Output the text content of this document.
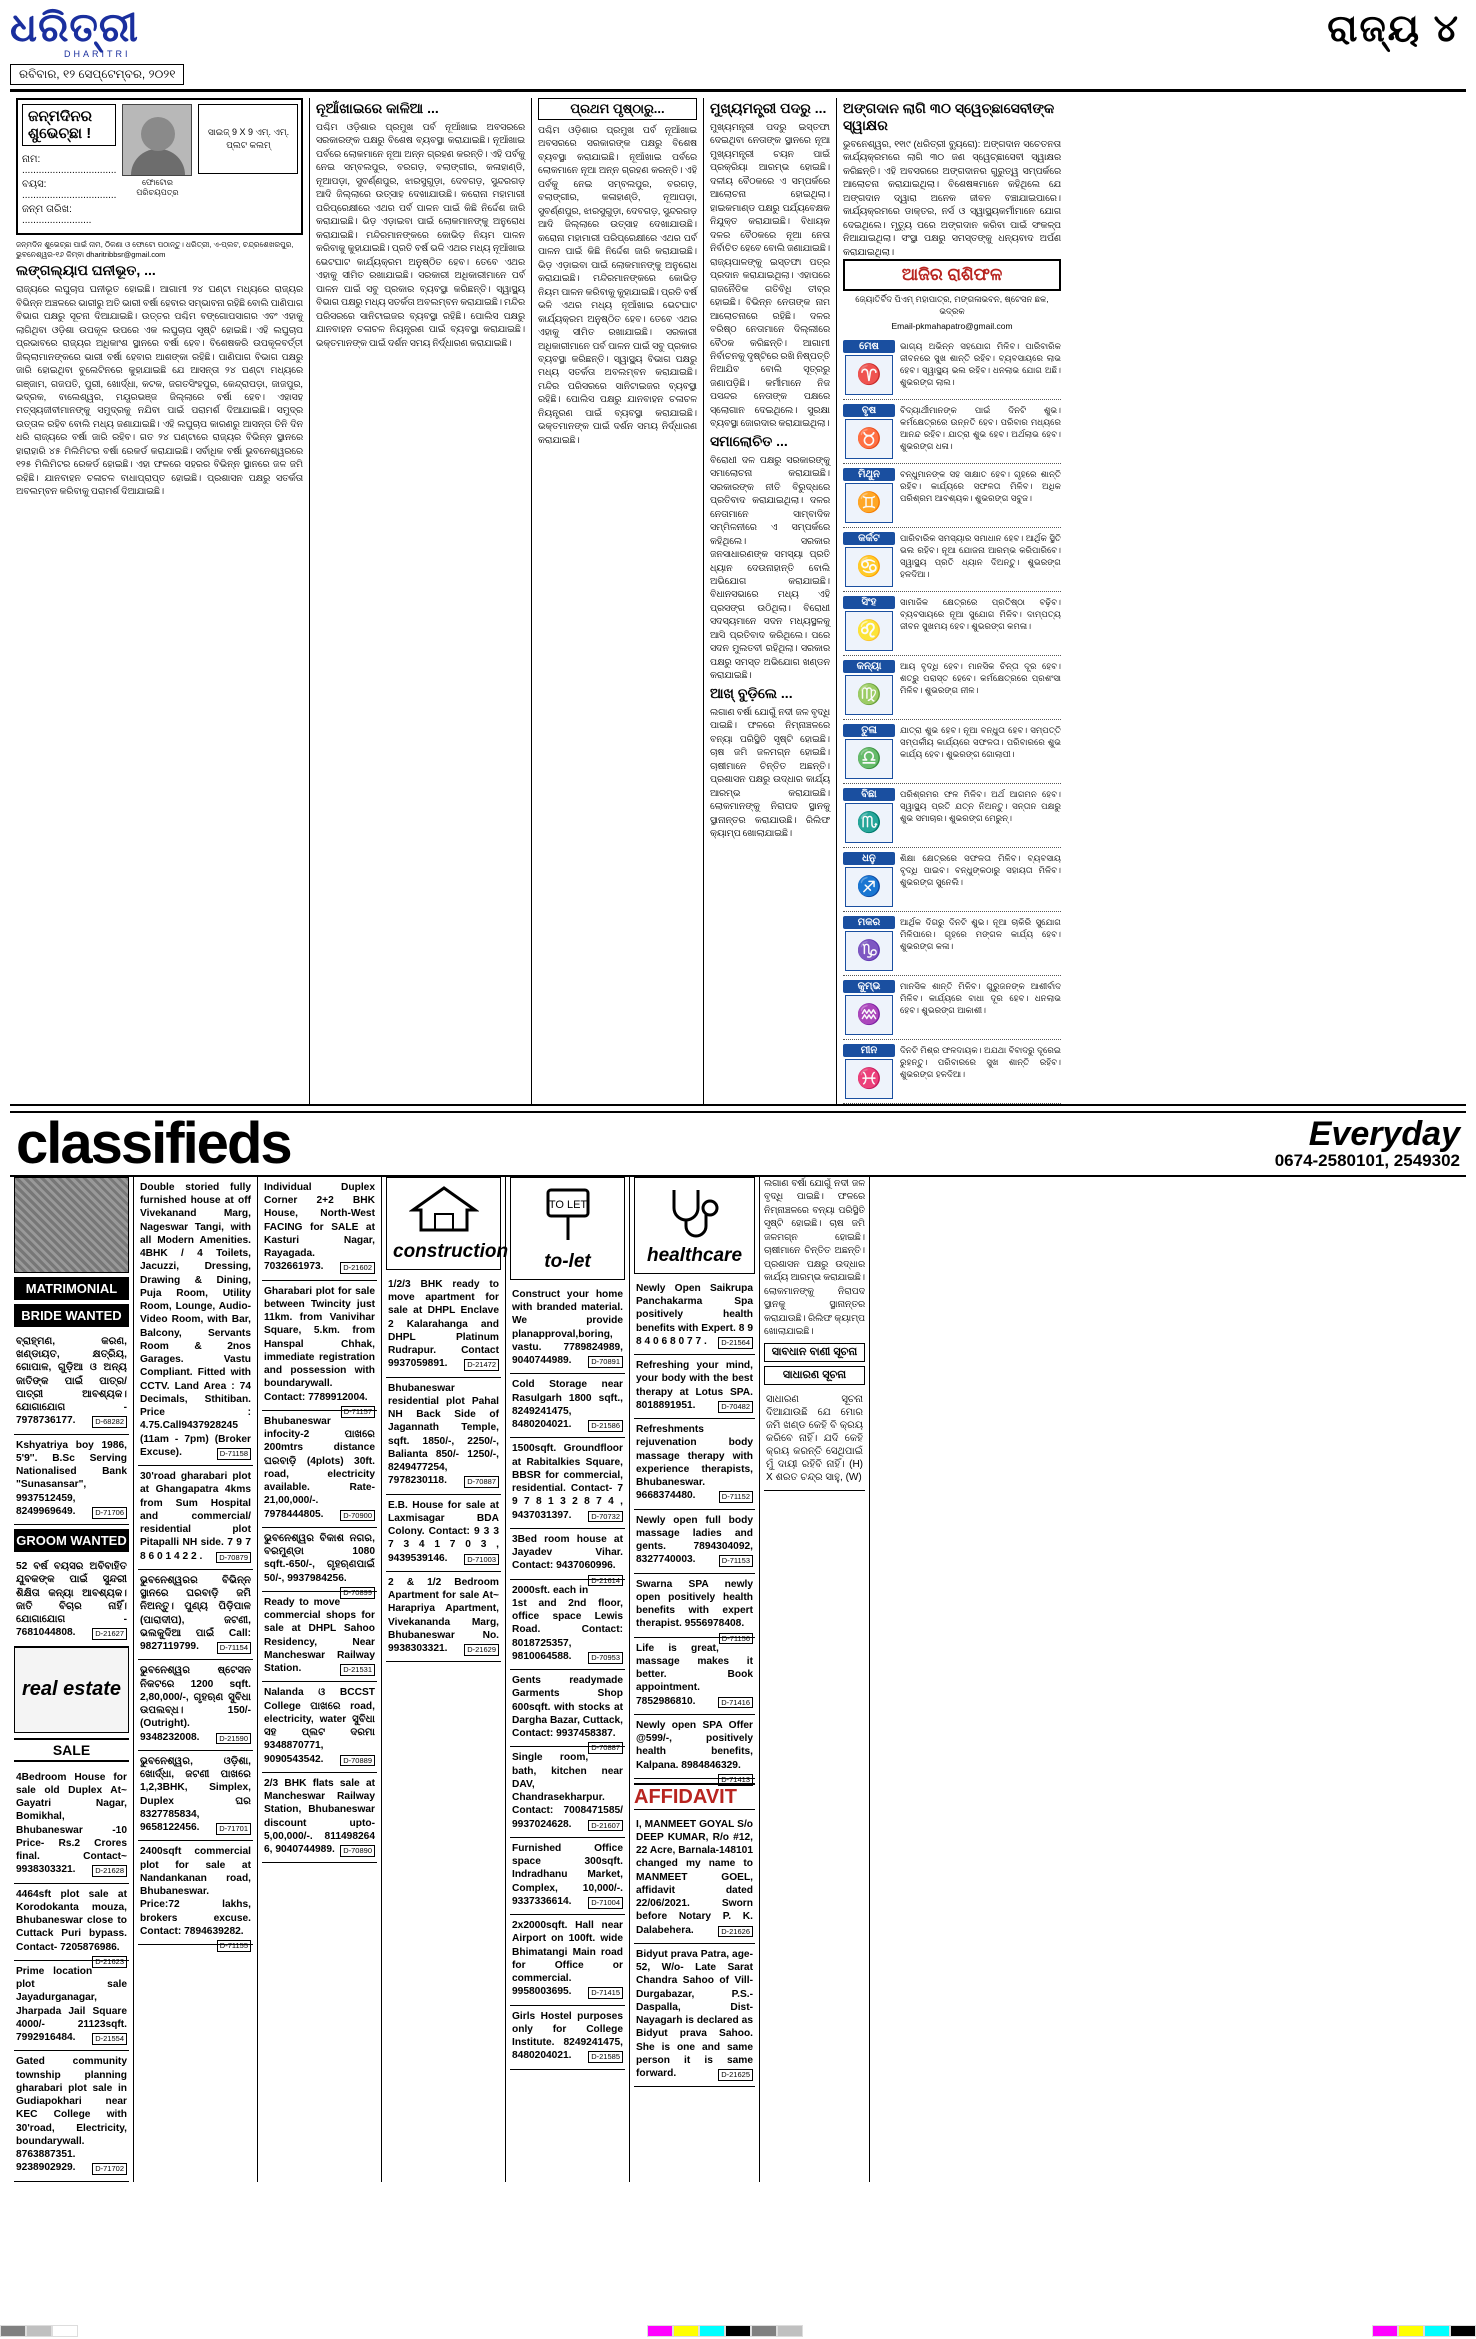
ଧରିତ୍ରୀ
DHARITRI
ରବିବାର, ୧୨ ସେପ୍ଟେମ୍ବର, ୨୦୨୧
ରାଜ୍ୟ ୪
ଜନ୍ମଦିନର ଶୁଭେଚ୍ଛା !
ନାମ: ..................................
ବୟସ: ..................................
ଜନ୍ମ ତାରିଖ: .........................
ଫୋଟୋର ପରିଚୟପତ୍ର
ସାଇଜ୍ 9 X 9 ଏମ୍. ଏମ୍. ପ୍ଲଟ କଲମ୍
ଜନ୍ମଦିନ ଶୁଭେଚ୍ଛା ପାଇଁ ନାମ, ଠିକଣା ଓ ଫୋଟୋ ପଠାନ୍ତୁ। ଧରିତ୍ରୀ, ଏ-ପ୍ଲଟ, ଚନ୍ଦ୍ରଶେଖରପୁର, ଭୁବନେଶ୍ୱର-୧୬ କିମ୍ବା dharitribbsr@gmail.com
ଲଙ୍ଗଲ୍ୟାପ ଘନୀଭୂତ, ...
ରାଜ୍ୟରେ ଲଘୁଚାପ ଘନୀଭୂତ ହୋଇଛି। ଆଗାମୀ ୨୪ ଘଣ୍ଟା ମଧ୍ୟରେ ରାଜ୍ୟର ବିଭିନ୍ନ ଅଞ୍ଚଳରେ ଭାରୀରୁ ଅତି ଭାରୀ ବର୍ଷା ହେବାର ସମ୍ଭାବନା ରହିଛି ବୋଲି ପାଣିପାଗ ବିଭାଗ ପକ୍ଷରୁ ସୂଚନା ଦିଆଯାଇଛି। ଉତ୍ତର ପଶ୍ଚିମ ବଙ୍ଗୋପସାଗର ଏବଂ ଏହାକୁ ଲାଗିଥିବା ଓଡ଼ିଶା ଉପକୂଳ ଉପରେ ଏକ ଲଘୁଚାପ ସୃଷ୍ଟି ହୋଇଛି। ଏହି ଲଘୁଚାପ ପ୍ରଭାବରେ ରାଜ୍ୟର ଅଧିକାଂଶ ସ୍ଥାନରେ ବର୍ଷା ହେବ। ବିଶେଷକରି ଉପକୂଳବର୍ତ୍ତୀ ଜିଲ୍ଲାମାନଙ୍କରେ ଭାରୀ ବର୍ଷା ହେବାର ଆଶଙ୍କା ରହିଛି। ପାଣିପାଗ ବିଭାଗ ପକ୍ଷରୁ ଜାରି ହୋଇଥିବା ବୁଲେଟିନରେ କୁହାଯାଇଛି ଯେ ଆସନ୍ତା ୨୪ ଘଣ୍ଟା ମଧ୍ୟରେ ଗଞ୍ଜାମ, ଗଜପତି, ପୁରୀ, ଖୋର୍ଦ୍ଧା, କଟକ, ଜଗତସିଂହପୁର, କେନ୍ଦ୍ରାପଡ଼ା, ଜାଜପୁର, ଭଦ୍ରକ, ବାଲେଶ୍ୱର, ମୟୂରଭଞ୍ଜ ଜିଲ୍ଲାରେ ବର୍ଷା ହେବ। ଏହାସହ ମତ୍ସ୍ୟଜୀବୀମାନଙ୍କୁ ସମୁଦ୍ରକୁ ନଯିବା ପାଇଁ ପରାମର୍ଶ ଦିଆଯାଇଛି। ସମୁଦ୍ର ଉତ୍ତାଳ ରହିବ ବୋଲି ମଧ୍ୟ ଜଣାଯାଇଛି। ଏହି ଲଘୁଚାପ କାରଣରୁ ଆସନ୍ତା ତିନି ଦିନ ଧରି ରାଜ୍ୟରେ ବର୍ଷା ଜାରି ରହିବ। ଗତ ୨୪ ଘଣ୍ଟାରେ ରାଜ୍ୟର ବିଭିନ୍ନ ସ୍ଥାନରେ ହାରାହାରି ୪୫ ମିଲିମିଟର ବର୍ଷା ରେକର୍ଡ କରାଯାଇଛି। ସର୍ବାଧିକ ବର୍ଷା ଭୁବନେଶ୍ୱରରେ ୧୨୫ ମିଲିମିଟର ରେକର୍ଡ ହୋଇଛି। ଏହା ଫଳରେ ସହରର ବିଭିନ୍ନ ସ୍ଥାନରେ ଜଳ ଜମି ରହିଛି। ଯାନବାହନ ଚଳାଚଳ ବାଧାପ୍ରାପ୍ତ ହୋଇଛି। ପ୍ରଶାସନ ପକ୍ଷରୁ ସତର୍କତା ଅବଲମ୍ବନ କରିବାକୁ ପରାମର୍ଶ ଦିଆଯାଇଛି।
ନୂଆଁଖାଇରେ କାଳିଆ ...
ପଶ୍ଚିମ ଓଡ଼ିଶାର ପ୍ରମୁଖ ପର୍ବ ନୂଆଁଖାଇ ଅବସରରେ ସରକାରଙ୍କ ପକ୍ଷରୁ ବିଶେଷ ବ୍ୟବସ୍ଥା କରାଯାଇଛି। ନୂଆଁଖାଇ ପର୍ବରେ ଲୋକମାନେ ନୂଆ ଅନ୍ନ ଗ୍ରହଣ କରନ୍ତି। ଏହି ପର୍ବକୁ ନେଇ ସମ୍ବଲପୁର, ବରଗଡ଼, ବଲାଙ୍ଗୀର, କଳାହାଣ୍ଡି, ନୂଆପଡ଼ା, ସୁବର୍ଣ୍ଣପୁର, ଝାରସୁଗୁଡ଼ା, ଦେବଗଡ଼, ସୁନ୍ଦରଗଡ଼ ଆଦି ଜିଲ୍ଲାରେ ଉତ୍ସାହ ଦେଖାଯାଉଛି। କରୋନା ମହାମାରୀ ପରିପ୍ରେକ୍ଷୀରେ ଏଥର ପର୍ବ ପାଳନ ପାଇଁ କିଛି ନିର୍ଦ୍ଦେଶ ଜାରି କରାଯାଇଛି। ଭିଡ଼ ଏଡ଼ାଇବା ପାଇଁ ଲୋକମାନଙ୍କୁ ଅନୁରୋଧ କରାଯାଇଛି। ମନ୍ଦିରମାନଙ୍କରେ କୋଭିଡ଼ ନିୟମ ପାଳନ କରିବାକୁ କୁହାଯାଇଛି। ପ୍ରତି ବର୍ଷ ଭଳି ଏଥର ମଧ୍ୟ ନୂଆଁଖାଇ ଭେଟଘାଟ କାର୍ଯ୍ୟକ୍ରମ ଅନୁଷ୍ଠିତ ହେବ। ତେବେ ଏଥର ଏହାକୁ ସୀମିତ ରଖାଯାଇଛି। ସରକାରୀ ଅଧିକାରୀମାନେ ପର୍ବ ପାଳନ ପାଇଁ ସବୁ ପ୍ରକାର ବ୍ୟବସ୍ଥା କରିଛନ୍ତି। ସ୍ୱାସ୍ଥ୍ୟ ବିଭାଗ ପକ୍ଷରୁ ମଧ୍ୟ ସତର୍କତା ଅବଲମ୍ବନ କରାଯାଇଛି। ମନ୍ଦିର ପରିସରରେ ସାନିଟାଇଜର ବ୍ୟବସ୍ଥା ରହିଛି। ପୋଲିସ ପକ୍ଷରୁ ଯାନବାହନ ଚଳାଚଳ ନିୟନ୍ତ୍ରଣ ପାଇଁ ବ୍ୟବସ୍ଥା କରାଯାଇଛି। ଭକ୍ତମାନଙ୍କ ପାଇଁ ଦର୍ଶନ ସମୟ ନିର୍ଦ୍ଧାରଣ କରାଯାଇଛି।
ପ୍ରଥମ ପୃଷ୍ଠାରୁ...
ପଶ୍ଚିମ ଓଡ଼ିଶାର ପ୍ରମୁଖ ପର୍ବ ନୂଆଁଖାଇ ଅବସରରେ ସରକାରଙ୍କ ପକ୍ଷରୁ ବିଶେଷ ବ୍ୟବସ୍ଥା କରାଯାଇଛି। ନୂଆଁଖାଇ ପର୍ବରେ ଲୋକମାନେ ନୂଆ ଅନ୍ନ ଗ୍ରହଣ କରନ୍ତି। ଏହି ପର୍ବକୁ ନେଇ ସମ୍ବଲପୁର, ବରଗଡ଼, ବଲାଙ୍ଗୀର, କଳାହାଣ୍ଡି, ନୂଆପଡ଼ା, ସୁବର୍ଣ୍ଣପୁର, ଝାରସୁଗୁଡ଼ା, ଦେବଗଡ଼, ସୁନ୍ଦରଗଡ଼ ଆଦି ଜିଲ୍ଲାରେ ଉତ୍ସାହ ଦେଖାଯାଉଛି। କରୋନା ମହାମାରୀ ପରିପ୍ରେକ୍ଷୀରେ ଏଥର ପର୍ବ ପାଳନ ପାଇଁ କିଛି ନିର୍ଦ୍ଦେଶ ଜାରି କରାଯାଇଛି। ଭିଡ଼ ଏଡ଼ାଇବା ପାଇଁ ଲୋକମାନଙ୍କୁ ଅନୁରୋଧ କରାଯାଇଛି। ମନ୍ଦିରମାନଙ୍କରେ କୋଭିଡ଼ ନିୟମ ପାଳନ କରିବାକୁ କୁହାଯାଇଛି। ପ୍ରତି ବର୍ଷ ଭଳି ଏଥର ମଧ୍ୟ ନୂଆଁଖାଇ ଭେଟଘାଟ କାର୍ଯ୍ୟକ୍ରମ ଅନୁଷ୍ଠିତ ହେବ। ତେବେ ଏଥର ଏହାକୁ ସୀମିତ ରଖାଯାଇଛି। ସରକାରୀ ଅଧିକାରୀମାନେ ପର୍ବ ପାଳନ ପାଇଁ ସବୁ ପ୍ରକାର ବ୍ୟବସ୍ଥା କରିଛନ୍ତି। ସ୍ୱାସ୍ଥ୍ୟ ବିଭାଗ ପକ୍ଷରୁ ମଧ୍ୟ ସତର୍କତା ଅବଲମ୍ବନ କରାଯାଇଛି। ମନ୍ଦିର ପରିସରରେ ସାନିଟାଇଜର ବ୍ୟବସ୍ଥା ରହିଛି। ପୋଲିସ ପକ୍ଷରୁ ଯାନବାହନ ଚଳାଚଳ ନିୟନ୍ତ୍ରଣ ପାଇଁ ବ୍ୟବସ୍ଥା କରାଯାଇଛି। ଭକ୍ତମାନଙ୍କ ପାଇଁ ଦର୍ଶନ ସମୟ ନିର୍ଦ୍ଧାରଣ କରାଯାଇଛି।
ମୁଖ୍ୟମନ୍ତ୍ରୀ ପଦରୁ ...
ମୁଖ୍ୟମନ୍ତ୍ରୀ ପଦରୁ ଇସ୍ତଫା ଦେଇଥିବା ନେତାଙ୍କ ସ୍ଥାନରେ ନୂଆ ମୁଖ୍ୟମନ୍ତ୍ରୀ ଚୟନ ପାଇଁ ପ୍ରକ୍ରିୟା ଆରମ୍ଭ ହୋଇଛି। ଦଳୀୟ ବୈଠକରେ ଏ ସମ୍ପର୍କରେ ଆଲୋଚନା ହୋଇଥିଲା। ହାଇକମାଣ୍ଡ ପକ୍ଷରୁ ପର୍ଯ୍ୟବେକ୍ଷକ ନିଯୁକ୍ତ କରାଯାଇଛି। ବିଧାୟକ ଦଳର ବୈଠକରେ ନୂଆ ନେତା ନିର୍ବାଚିତ ହେବେ ବୋଲି ଜଣାଯାଇଛି। ରାଜ୍ୟପାଳଙ୍କୁ ଇସ୍ତଫା ପତ୍ର ପ୍ରଦାନ କରାଯାଇଥିଲା। ଏହାପରେ ରାଜନୈତିକ ଗତିବିଧି ତୀବ୍ର ହୋଇଛି। ବିଭିନ୍ନ ନେତାଙ୍କ ନାମ ଆଲୋଚନାରେ ରହିଛି। ଦଳର ବରିଷ୍ଠ ନେତାମାନେ ଦିଲ୍ଲୀରେ ବୈଠକ କରିଛନ୍ତି। ଆଗାମୀ ନିର୍ବାଚନକୁ ଦୃଷ୍ଟିରେ ରଖି ନିଷ୍ପତ୍ତି ନିଆଯିବ ବୋଲି ସୂତ୍ରରୁ ଜଣାପଡ଼ିଛି। କର୍ମୀମାନେ ନିଜ ପସନ୍ଦର ନେତାଙ୍କ ପକ୍ଷରେ ସ୍ଲୋଗାନ ଦେଇଥିଲେ। ସୁରକ୍ଷା ବ୍ୟବସ୍ଥା ଜୋରଦାର କରାଯାଇଥିଲା।
ସମାଲୋଚିତ ...
ବିରୋଧୀ ଦଳ ପକ୍ଷରୁ ସରକାରଙ୍କୁ ସମାଲୋଚନା କରାଯାଇଛି। ସରକାରଙ୍କ ନୀତି ବିରୁଦ୍ଧରେ ପ୍ରତିବାଦ କରାଯାଇଥିଲା। ଦଳର ନେତାମାନେ ସାମ୍ବାଦିକ ସମ୍ମିଳନୀରେ ଏ ସମ୍ପର୍କରେ କହିଥିଲେ। ସରକାର ଜନସାଧାରଣଙ୍କ ସମସ୍ୟା ପ୍ରତି ଧ୍ୟାନ ଦେଉନାହାନ୍ତି ବୋଲି ଅଭିଯୋଗ କରାଯାଇଛି। ବିଧାନସଭାରେ ମଧ୍ୟ ଏହି ପ୍ରସଙ୍ଗ ଉଠିଥିଲା। ବିରୋଧୀ ସଦସ୍ୟମାନେ ସଦନ ମଧ୍ୟସ୍ଥଳକୁ ଆସି ପ୍ରତିବାଦ କରିଥିଲେ। ପରେ ସଦନ ମୁଲତବୀ ରହିଥିଲା। ସରକାର ପକ୍ଷରୁ ସମସ୍ତ ଅଭିଯୋଗ ଖଣ୍ଡନ କରାଯାଇଛି।
ଆଖ୍ ବୁଡ଼ିଲେ ...
ଲଗାଣ ବର୍ଷା ଯୋଗୁଁ ନଦୀ ଜଳ ବୃଦ୍ଧି ପାଇଛି। ଫଳରେ ନିମ୍ନାଞ୍ଚଳରେ ବନ୍ୟା ପରିସ୍ଥିତି ସୃଷ୍ଟି ହୋଇଛି। ଚାଷ ଜମି ଜଳମଗ୍ନ ହୋଇଛି। ଚାଷୀମାନେ ଚିନ୍ତିତ ଅଛନ୍ତି। ପ୍ରଶାସନ ପକ୍ଷରୁ ଉଦ୍ଧାର କାର୍ଯ୍ୟ ଆରମ୍ଭ କରାଯାଇଛି। ଲୋକମାନଙ୍କୁ ନିରାପଦ ସ୍ଥାନକୁ ସ୍ଥାନାନ୍ତର କରାଯାଉଛି। ରିଲିଫ କ୍ୟାମ୍ପ ଖୋଲାଯାଇଛି।
ଅଙ୍ଗଦାନ ଲାଗି ୩୦ ସ୍ୱେଚ୍ଛାସେବୀଙ୍କ ସ୍ୱାକ୍ଷର
ଭୁବନେଶ୍ୱର, ୧୧ା୯ (ଧରିତ୍ରୀ ବ୍ୟୁରୋ): ଅଙ୍ଗଦାନ ସଚେତନତା କାର୍ଯ୍ୟକ୍ରମରେ ଲାଗି ୩୦ ଜଣ ସ୍ୱେଚ୍ଛାସେବୀ ସ୍ୱାକ୍ଷର କରିଛନ୍ତି। ଏହି ଅବସରରେ ଅଙ୍ଗଦାନର ଗୁରୁତ୍ୱ ସମ୍ପର୍କରେ ଆଲୋଚନା କରାଯାଇଥିଲା। ବିଶେଷଜ୍ଞମାନେ କହିଥିଲେ ଯେ ଅଙ୍ଗଦାନ ଦ୍ୱାରା ଅନେକ ଜୀବନ ବଞ୍ଚାଯାଇପାରେ। କାର୍ଯ୍ୟକ୍ରମରେ ଡାକ୍ତର, ନର୍ସ ଓ ସ୍ୱାସ୍ଥ୍ୟକର୍ମୀମାନେ ଯୋଗ ଦେଇଥିଲେ। ମୃତ୍ୟୁ ପରେ ଅଙ୍ଗଦାନ କରିବା ପାଇଁ ସଂକଳ୍ପ ନିଆଯାଇଥିଲା। ସଂସ୍ଥା ପକ୍ଷରୁ ସମସ୍ତଙ୍କୁ ଧନ୍ୟବାଦ ଅର୍ପଣ କରାଯାଇଥିଲା।
ଆଜିର ରାଶିଫଳ
ଜ୍ୟୋତିର୍ବିଦ ପିଏମ୍ ମହାପାତ୍ର, ମଙ୍ଗଳାଭବନ, ଷ୍ଟେସନ ଛକ, ଭଦ୍ରକ
Email-pkmahapatro@gmail.com
ମେଷ
♈
ଭାଗ୍ୟ ଅଭିନ୍ନ ସହଯୋଗ ମିଳିବ। ପାରିବାରିକ ଜୀବନରେ ସୁଖ ଶାନ୍ତି ରହିବ। ବ୍ୟବସାୟରେ ଲାଭ ହେବ। ସ୍ୱାସ୍ଥ୍ୟ ଭଲ ରହିବ। ଧନଲାଭ ଯୋଗ ଅଛି। ଶୁଭରଙ୍ଗ ଲାଲ।
ବୃଷ
♉
ବିଦ୍ୟାର୍ଥୀମାନଙ୍କ ପାଇଁ ଦିନଟି ଶୁଭ। କର୍ମକ୍ଷେତ୍ରରେ ଉନ୍ନତି ହେବ। ପରିବାର ମଧ୍ୟରେ ଆନନ୍ଦ ରହିବ। ଯାତ୍ରା ଶୁଭ ହେବ। ଅର୍ଥଲାଭ ହେବ। ଶୁଭରଙ୍ଗ ଧଳା।
ମିଥୁନ
♊
ବନ୍ଧୁମାନଙ୍କ ସହ ସାକ୍ଷାତ ହେବ। ଗୃହରେ ଶାନ୍ତି ରହିବ। କାର୍ଯ୍ୟରେ ସଫଳତା ମିଳିବ। ଅଧିକ ପରିଶ୍ରମ ଆବଶ୍ୟକ। ଶୁଭରଙ୍ଗ ସବୁଜ।
କର୍କଟ
♋
ପାରିବାରିକ ସମସ୍ୟାର ସମାଧାନ ହେବ। ଆର୍ଥିକ ସ୍ଥିତି ଭଲ ରହିବ। ନୂଆ ଯୋଜନା ଆରମ୍ଭ କରିପାରିବେ। ସ୍ୱାସ୍ଥ୍ୟ ପ୍ରତି ଧ୍ୟାନ ଦିଅନ୍ତୁ। ଶୁଭରଙ୍ଗ ହଳଦିଆ।
ସିଂହ
♌
ସାମାଜିକ କ୍ଷେତ୍ରରେ ପ୍ରତିଷ୍ଠା ବଢ଼ିବ। ବ୍ୟବସାୟରେ ନୂଆ ସୁଯୋଗ ମିଳିବ। ଦାମ୍ପତ୍ୟ ଜୀବନ ସୁଖମୟ ହେବ। ଶୁଭରଙ୍ଗ କମଳା।
କନ୍ୟା
♍
ଆୟ ବୃଦ୍ଧି ହେବ। ମାନସିକ ଚିନ୍ତା ଦୂର ହେବ। ଶତ୍ରୁ ପରାସ୍ତ ହେବେ। କର୍ମକ୍ଷେତ୍ରରେ ପ୍ରଶଂସା ମିଳିବ। ଶୁଭରଙ୍ଗ ନୀଳ।
ତୁଳା
♎
ଯାତ୍ରା ଶୁଭ ହେବ। ନୂଆ ବନ୍ଧୁତା ହେବ। ସମ୍ପତ୍ତି ସମ୍ପର୍କୀୟ କାର୍ଯ୍ୟରେ ସଫଳତା। ପରିବାରରେ ଶୁଭ କାର୍ଯ୍ୟ ହେବ। ଶୁଭରଙ୍ଗ ଗୋଲାପୀ।
ବିଛା
♏
ପରିଶ୍ରମର ଫଳ ମିଳିବ। ଅର୍ଥ ଆଗମନ ହେବ। ସ୍ୱାସ୍ଥ୍ୟ ପ୍ରତି ଯତ୍ନ ନିଅନ୍ତୁ। ସନ୍ତାନ ପକ୍ଷରୁ ଶୁଭ ସମାଚାର। ଶୁଭରଙ୍ଗ ମେରୁନ୍।
ଧନୁ
♐
ଶିକ୍ଷା କ୍ଷେତ୍ରରେ ସଫଳତା ମିଳିବ। ବ୍ୟବସାୟ ବୃଦ୍ଧି ପାଇବ। ବନ୍ଧୁଙ୍କଠାରୁ ସହାୟତା ମିଳିବ। ଶୁଭରଙ୍ଗ ସୁନେଲି।
ମକର
♑
ଆର୍ଥିକ ଦିଗରୁ ଦିନଟି ଶୁଭ। ନୂଆ ଚାକିରି ସୁଯୋଗ ମିଳିପାରେ। ଗୃହରେ ମଙ୍ଗଳ କାର୍ଯ୍ୟ ହେବ। ଶୁଭରଙ୍ଗ କଳା।
କୁମ୍ଭ
♒
ମାନସିକ ଶାନ୍ତି ମିଳିବ। ଗୁରୁଜନଙ୍କ ଆଶୀର୍ବାଦ ମିଳିବ। କାର୍ଯ୍ୟରେ ବାଧା ଦୂର ହେବ। ଧନଲାଭ ହେବ। ଶୁଭରଙ୍ଗ ଆକାଶୀ।
ମୀନ
♓
ଦିନଟି ମିଶ୍ର ଫଳଦାୟକ। ଅଯଥା ବିବାଦରୁ ଦୂରେଇ ରୁହନ୍ତୁ। ପରିବାରରେ ସୁଖ ଶାନ୍ତି ରହିବ। ଶୁଭରଙ୍ଗ ହଳଦିଆ।
classifieds	Everyday
0674-2580101, 2549302
MATRIMONIAL
BRIDE WANTED
ବ୍ରାହ୍ମଣ, କରଣ, ଖଣ୍ଡାୟତ, କ୍ଷତ୍ରିୟ, ଗୋପାଳ, ଗୁଡ଼ିଆ ଓ ଅନ୍ୟ ଜାତିଙ୍କ ପାଇଁ ପାତ୍ର/ପାତ୍ରୀ ଆବଶ୍ୟକ। ଯୋଗାଯୋଗ - 7978736177.	D-68282
Kshyatriya boy 1986, 5'9''. B.Sc Serving Nationalised Bank "Sunasansar", 9937512459, 8249969649.	D-71706
GROOM WANTED
52 ବର୍ଷ ବୟସର ଅବିବାହିତ ଯୁବକଙ୍କ ପାଇଁ ସୁନ୍ଦରୀ ଶିକ୍ଷିତା କନ୍ୟା ଆବଶ୍ୟକ। ଜାତି ବିଚାର ନାହିଁ। ଯୋଗାଯୋଗ - 7681044808.	D-21627
real estate
SALE
4Bedroom House for sale old Duplex At~ Gayatri Nagar, Bomikhal, Bhubaneswar -10 Price- Rs.2 Crores final. Contact~ 9938303321.	D-21628
4464sft plot sale at Korodokanta mouza, Bhubaneswar close to Cuttack Puri bypass. Contact- 7205876986.
D-21623
Prime location plot sale Jayadurganagar, Jharpada Jail Square 4000/- 21123sqft. 7992916484.	D-21554
Gated community township planning gharabari plot sale in Gudiapokhari near KEC College with 30'road, Electricity, boundarywall. 8763887351. 9238902929.	D-71702
Double storied fully furnished house at off Vivekanand Marg, Nageswar Tangi, with all Modern Amenities. 4BHK / 4 Toilets, Jacuzzi, Dressing, Drawing & Dining, Puja Room, Utility Room, Lounge, Audio-Video Room, with Bar, Balcony, Servants Room & 2nos Garages. Vastu Compliant. Fitted with CCTV. Land Area : 74 Decimals, Sthitiban. Price : 4.75.Call9437928245 (11am - 7pm) (Broker Excuse).	D-71158
30'road gharabari plot at Ghangapatra 4kms from Sum Hospital and commercial/ residential plot Pitapalli NH side. 7 9 7 8 6 0 1 4 2 2 .	D-70879
ଭୁବନେଶ୍ୱରର ବିଭିନ୍ନ ସ୍ଥାନରେ ଘରବାଡ଼ି ଜମି ନିଅନ୍ତୁ। ପୁଣ୍ୟ ପିଡ଼ିପାଳ (ପାରାଦୀପ), ଜଟଣୀ, ଭଲକୁଦିଆ ପାଇଁ Call: 9827119799.	D-71154
ଭୁବନେଶ୍ୱର ଷ୍ଟେସନ ନିକଟରେ 1200 sqft. 2,80,000/-, ଗୃହଋଣ ସୁବିଧା ଉପଲବ୍ଧ। 150/- (Outright). 9348232008.	D-21590
ଭୁବନେଶ୍ୱର, ଓଡ଼ିଶା, ଖୋର୍ଦ୍ଧା, ଜଟଣୀ ପାଖରେ 1,2,3BHK, Simplex, Duplex ଘର 8327785834, 9658122456.	D-71701
2400sqft commercial plot for sale at Nandankanan road, Bhubaneswar. Price:72 lakhs, brokers excuse. Contact: 7894639282.
D-71155
Individual Duplex Corner 2+2 BHK House, North-West FACING for SALE at Kasturi Nagar, Rayagada. 7032661973.	D-21602
Gharabari plot for sale between Twincity just 11km. from Vanivihar Square, 5.km. from Hanspal Chhak, immediate registration and possession with boundarywall. Contact: 7789912004.
D-71157
Bhubaneswar infocity-2 ପାଖରେ 200mtrs distance ଘରବାଡ଼ି (4plots) 30ft. road, electricity available. Rate-21,00,000/-. 7978444805.	D-70900
ଭୁବନେଶ୍ୱର ବିକାଶ ନଗର, ବରମୁଣ୍ଡା 1080 sqft.-650/-, ଗୃହଋଣପାଇଁ 50/-, 9937984256.
D-70899
Ready to move commercial shops for sale at DHPL Sahoo Residency, Near Mancheswar Railway Station.	D-21531
Nalanda ଓ BCCST College ପାଖରେ road, electricity, water ସୁବିଧା ସହ ପ୍ଲଟ ଦରମା 9348870771, 9090543542.	D-70889
2/3 BHK flats sale at Mancheswar Railway Station, Bhubaneswar discount upto-5,00,000/-. 811498264 6, 9040744989.	D-70890
construction
1/2/3 BHK ready to move apartment for sale at DHPL Enclave 2 Kalarahanga and DHPL Platinum Rudrapur. Contact 9937059891.	D-21472
Bhubaneswar residential plot Pahal NH Back Side of Jagannath Temple, sqft. 1850/-, 2250/-, Balianta 850/- 1250/-, 8249477254, 7978230118.	D-70887
E.B. House for sale at Laxmisagar BDA Colony. Contact: 9 3 3 7 3 4 1 7 0 3 , 9439539146.	D-71003
2 & 1/2 Bedroom Apartment for sale At~ Harapriya Apartment, Vivekananda Marg, Bhubaneswar No. 9938303321.	D-21629
TO LET
to-let
Construct your home with branded material. We provide planapproval,boring, vastu. 7789824989, 9040744989.	D-70891
Cold Storage near Rasulgarh 1800 sqft., 8249241475, 8480204021.	D-21586
1500sqft. Groundfloor at Rabitalkies Square, BBSR for commercial, residential. Contact- 7 9 7 8 1 3 2 8 7 4 , 9437031397.	D-70732
3Bed room house at Jayadev Vihar. Contact: 9437060996.
D-21614
2000sft. each in 1st and 2nd floor, office space Lewis Road. Contact: 8018725357, 9810064588.	D-70953
Gents readymade Garments Shop 600sqft. with stocks at Dargha Bazar, Cuttack, Contact: 9937458387.
D-70887
Single room, bath, kitchen near DAV, Chandrasekharpur. Contact: 7008471585/ 9937024628.	D-21607
Furnished Office space 300sqft. Indradhanu Market, Complex, 10,000/-. 9337336614.	D-71004
2x2000sqft. Hall near Airport on 100ft. wide Bhimatangi Main road for Office or commercial. 9958003695.	D-71415
Girls Hostel purposes only for College Institute. 8249241475, 8480204021.	D-21585
healthcare
Newly Open Saikrupa Panchakarma Spa positively health benefits with Expert. 8 9 8 4 0 6 8 0 7 7 .	D-21564
Refreshing your mind, your body with the best therapy at Lotus SPA. 8018891951.	D-70482
Refreshments rejuvenation body massage therapy with experience therapists, Bhubaneswar. 9668374480.	D-71152
Newly open full body massage ladies and gents. 7894304092, 8327740003.	D-71153
Swarna SPA newly open positively health benefits with expert therapist. 9556978408.
D-71156
Life is great, massage makes it better. Book appointment. 7852986810.	D-71416
Newly open SPA Offer @599/-, positively health benefits, Kalpana. 8984846329.
D-71413
AFFIDAVIT
I, MANMEET GOYAL S/o DEEP KUMAR, R/o #12, 22 Acre, Barnala-148101 changed my name to MANMEET GOEL, affidavit dated 22/06/2021. Sworn before Notary P. K. Dalabehera.	D-21626
Bidyut prava Patra, age-52, W/o- Late Sarat Chandra Sahoo of Vill- Durgabazar, P.S.- Daspalla, Dist- Nayagarh is declared as Bidyut prava Sahoo. She is one and same person it is same forward.	D-21625
ଲଗାଣ ବର୍ଷା ଯୋଗୁଁ ନଦୀ ଜଳ ବୃଦ୍ଧି ପାଇଛି। ଫଳରେ ନିମ୍ନାଞ୍ଚଳରେ ବନ୍ୟା ପରିସ୍ଥିତି ସୃଷ୍ଟି ହୋଇଛି। ଚାଷ ଜମି ଜଳମଗ୍ନ ହୋଇଛି। ଚାଷୀମାନେ ଚିନ୍ତିତ ଅଛନ୍ତି। ପ୍ରଶାସନ ପକ୍ଷରୁ ଉଦ୍ଧାର କାର୍ଯ୍ୟ ଆରମ୍ଭ କରାଯାଇଛି। ଲୋକମାନଙ୍କୁ ନିରାପଦ ସ୍ଥାନକୁ ସ୍ଥାନାନ୍ତର କରାଯାଉଛି। ରିଲିଫ କ୍ୟାମ୍ପ ଖୋଲାଯାଇଛି।
ସାବଧାନ ବାଣୀ ସୂଚନା
ସାଧାରଣ ସୂଚନା
ସାଧାରଣ ସୂଚନା ଦିଆଯାଉଛି ଯେ ମୋର ଜମି ଖଣ୍ଡ କେହି ବି କ୍ରୟ କରିବେ ନାହିଁ। ଯଦି କେହି କ୍ରୟ କରନ୍ତି ସେଥିପାଇଁ ମୁଁ ଦାୟୀ ରହିବି ନାହିଁ। (H) X ଶରତ ଚନ୍ଦ୍ର ସାହୁ, (W)
